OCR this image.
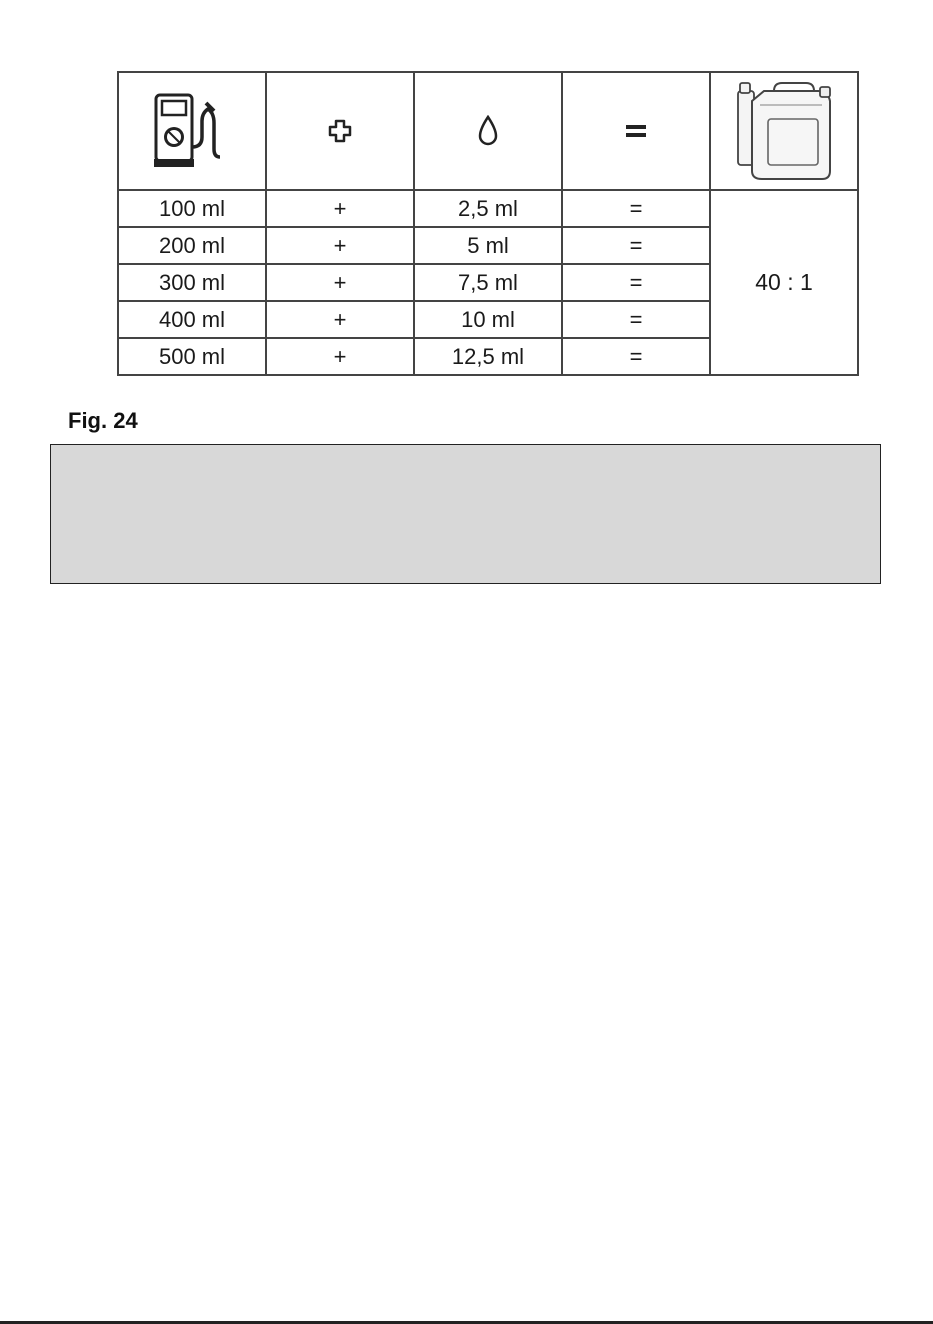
100 ml	+	2,5 ml	=	40 : 1
200 ml	+	5 ml	=	
300 ml	+	7,5 ml	=	
400 ml	+	10 ml	=	
500 ml	+	12,5 ml	=	
Fig. 24
